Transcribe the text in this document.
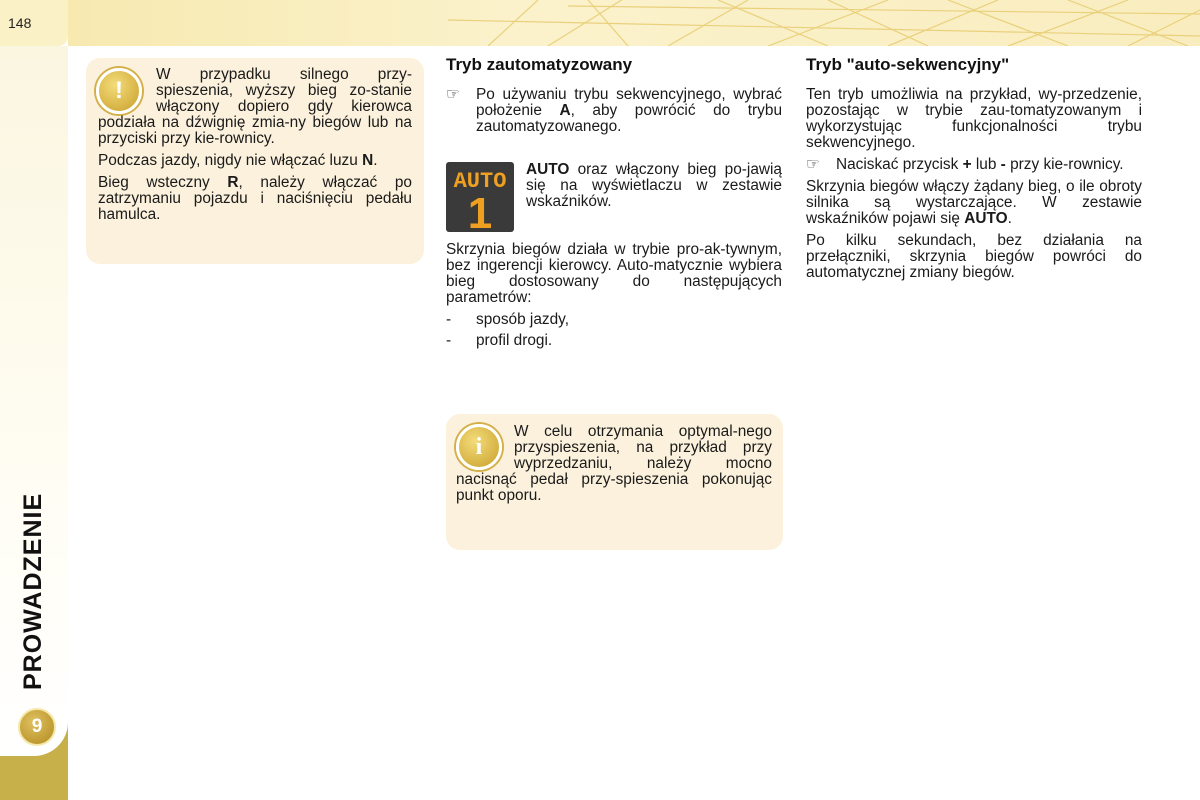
148
PROWADZENIE
9
!

W przypadku silnego przy-spieszenia, wyższy bieg zo-stanie włączony dopiero gdy kierowca podziała na dźwignię zmia-ny biegów lub na przyciski przy kie-rownicy.

Podczas jazdy, nigdy nie włączać luzu N.

Bieg wsteczny R, należy włączać po zatrzymaniu pojazdu i naciśnięciu pedału hamulca.

Tryb zautomatyzowany
☞	Po używaniu trybu sekwencyjnego, wybrać położenie A, aby powrócić do trybu zautomatyzowanego.
AUTO
1
AUTO oraz włączony bieg po-jawią się na wyświetlaczu w zestawie wskaźników.

Skrzynia biegów działa w trybie pro-ak-tywnym, bez ingerencji kierowcy. Auto-matycznie wybiera bieg dostosowany do następujących parametrów:

-	sposób jazdy,
-	profil drogi.
i
W celu otrzymania optymal-nego przyspieszenia, na przykład przy wyprzedzaniu, należy mocno nacisnąć pedał przy-spieszenia pokonując punkt oporu.
Tryb "auto-sekwencyjny"

Ten tryb umożliwia na przykład, wy-przedzenie, pozostając w trybie zau-tomatyzowanym i wykorzystując funkcjonalności trybu sekwencyjnego.

☞	Naciskać przycisk + lub - przy kie-rownicy.

Skrzynia biegów włączy żądany bieg, o ile obroty silnika są wystarczające. W zestawie wskaźników pojawi się AUTO.

Po kilku sekundach, bez działania na przełączniki, skrzynia biegów powróci do automatycznej zmiany biegów.
